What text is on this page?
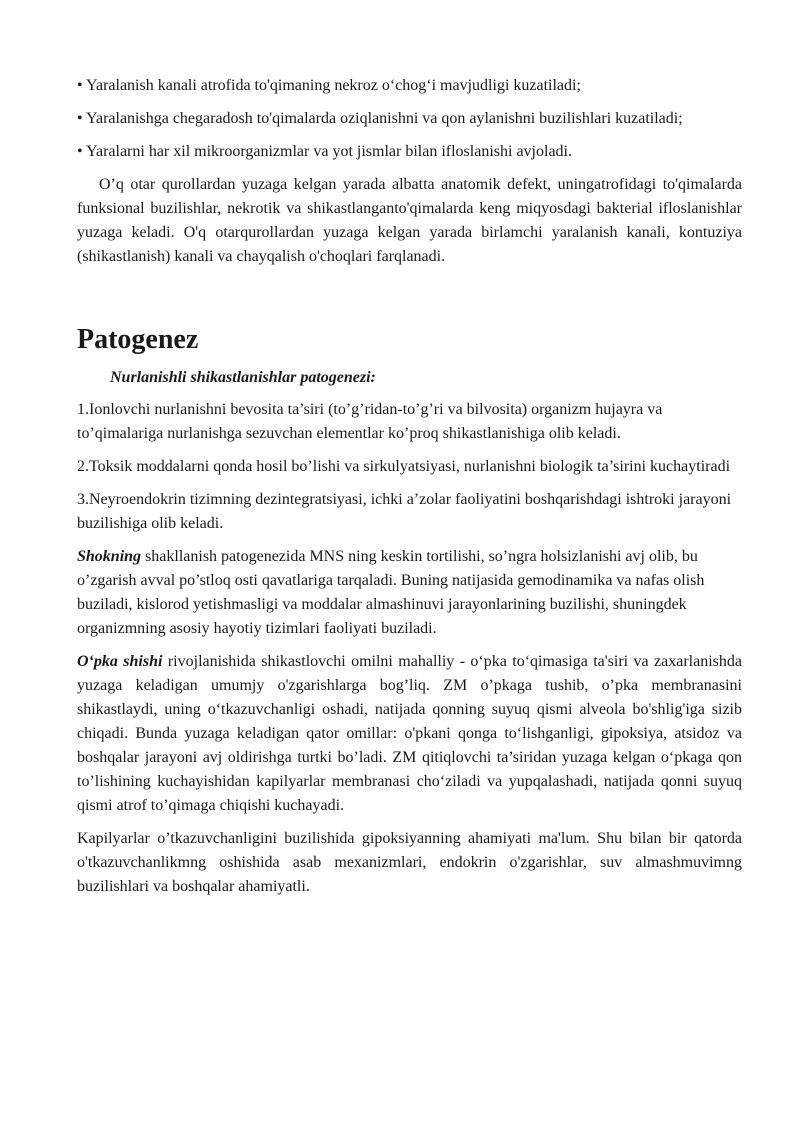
• Yaralanish kanali atrofida to'qimaning nekroz o‘chog‘i mavjudligi kuzatiladi;

• Yaralanishga chegaradosh to'qimalarda oziqlanishni va qon aylanishni buzilishlari kuzatiladi;

• Yaralarni har xil mikroorganizmlar va yot jismlar bilan ifloslanishi avjoladi.

O’q otar qurollardan yuzaga kelgan yarada albatta anatomik defekt, uningatrofidagi to'qimalarda funksional buzilishlar, nekrotik va shikastlanganto'qimalarda keng miqyosdagi bakterial ifloslanishlar yuzaga keladi. O'q otarqurollardan yuzaga kelgan yarada birlamchi yaralanish kanali, kontuziya (shikastlanish) kanali va chayqalish o'choqlari farqlanadi.

Patogenez

Nurlanishli shikastlanishlar patogenezi:

1.Ionlovchi nurlanishni bevosita ta’siri (to’g’ridan-to’g’ri va bilvosita) organizm hujayra va to’qimalariga nurlanishga sezuvchan elementlar ko’proq shikastlanishiga olib keladi.

2.Toksik moddalarni qonda hosil bo’lishi va sirkulyatsiyasi, nurlanishni biologik ta’sirini kuchaytiradi

3.Neyroendokrin tizimning dezintegratsiyasi, ichki a’zolar faoliyatini boshqarishdagi ishtroki jarayoni buzilishiga olib keladi.

Shokning shakllanish patogenezida MNS ning keskin tortilishi, so’ngra holsizlanishi avj olib, bu o’zgarish avval po’stloq osti qavatlariga tarqaladi. Buning natijasida gemodinamika va nafas olish buziladi, kislorod yetishmasligi va moddalar almashinuvi jarayonlarining buzilishi, shuningdek organizmning asosiy hayotiy tizimlari faoliyati buziladi.

O‘pka shishi rivojlanishida shikastlovchi omilni mahalliy - o‘pka to‘qimasiga ta'siri va zaxarlanishda yuzaga keladigan umumjy o'zgarishlarga bog’liq. ZM o’pkaga tushib, o’pka membranasini shikastlaydi, uning o‘tkazuvchanligi oshadi, natijada qonning suyuq qismi alveola bo'shlig'iga sizib chiqadi. Bunda yuzaga keladigan qator omillar: o'pkani qonga to‘lishganligi, gipoksiya, atsidoz va boshqalar jarayoni avj oldirishga turtki bo’ladi. ZM qitiqlovchi ta’siridan yuzaga kelgan o‘pkaga qon to’lishining kuchayishidan kapilyarlar membranasi cho‘ziladi va yupqalashadi, natijada qonni suyuq qismi atrof to’qimaga chiqishi kuchayadi.

Kapilyarlar o’tkazuvchanligini buzilishida gipoksiyanning ahamiyati ma'lum. Shu bilan bir qatorda o'tkazuvchanlikmng oshishida asab mexanizmlari, endokrin o'zgarishlar, suv almashmuvimng buzilishlari va boshqalar ahamiyatli.
